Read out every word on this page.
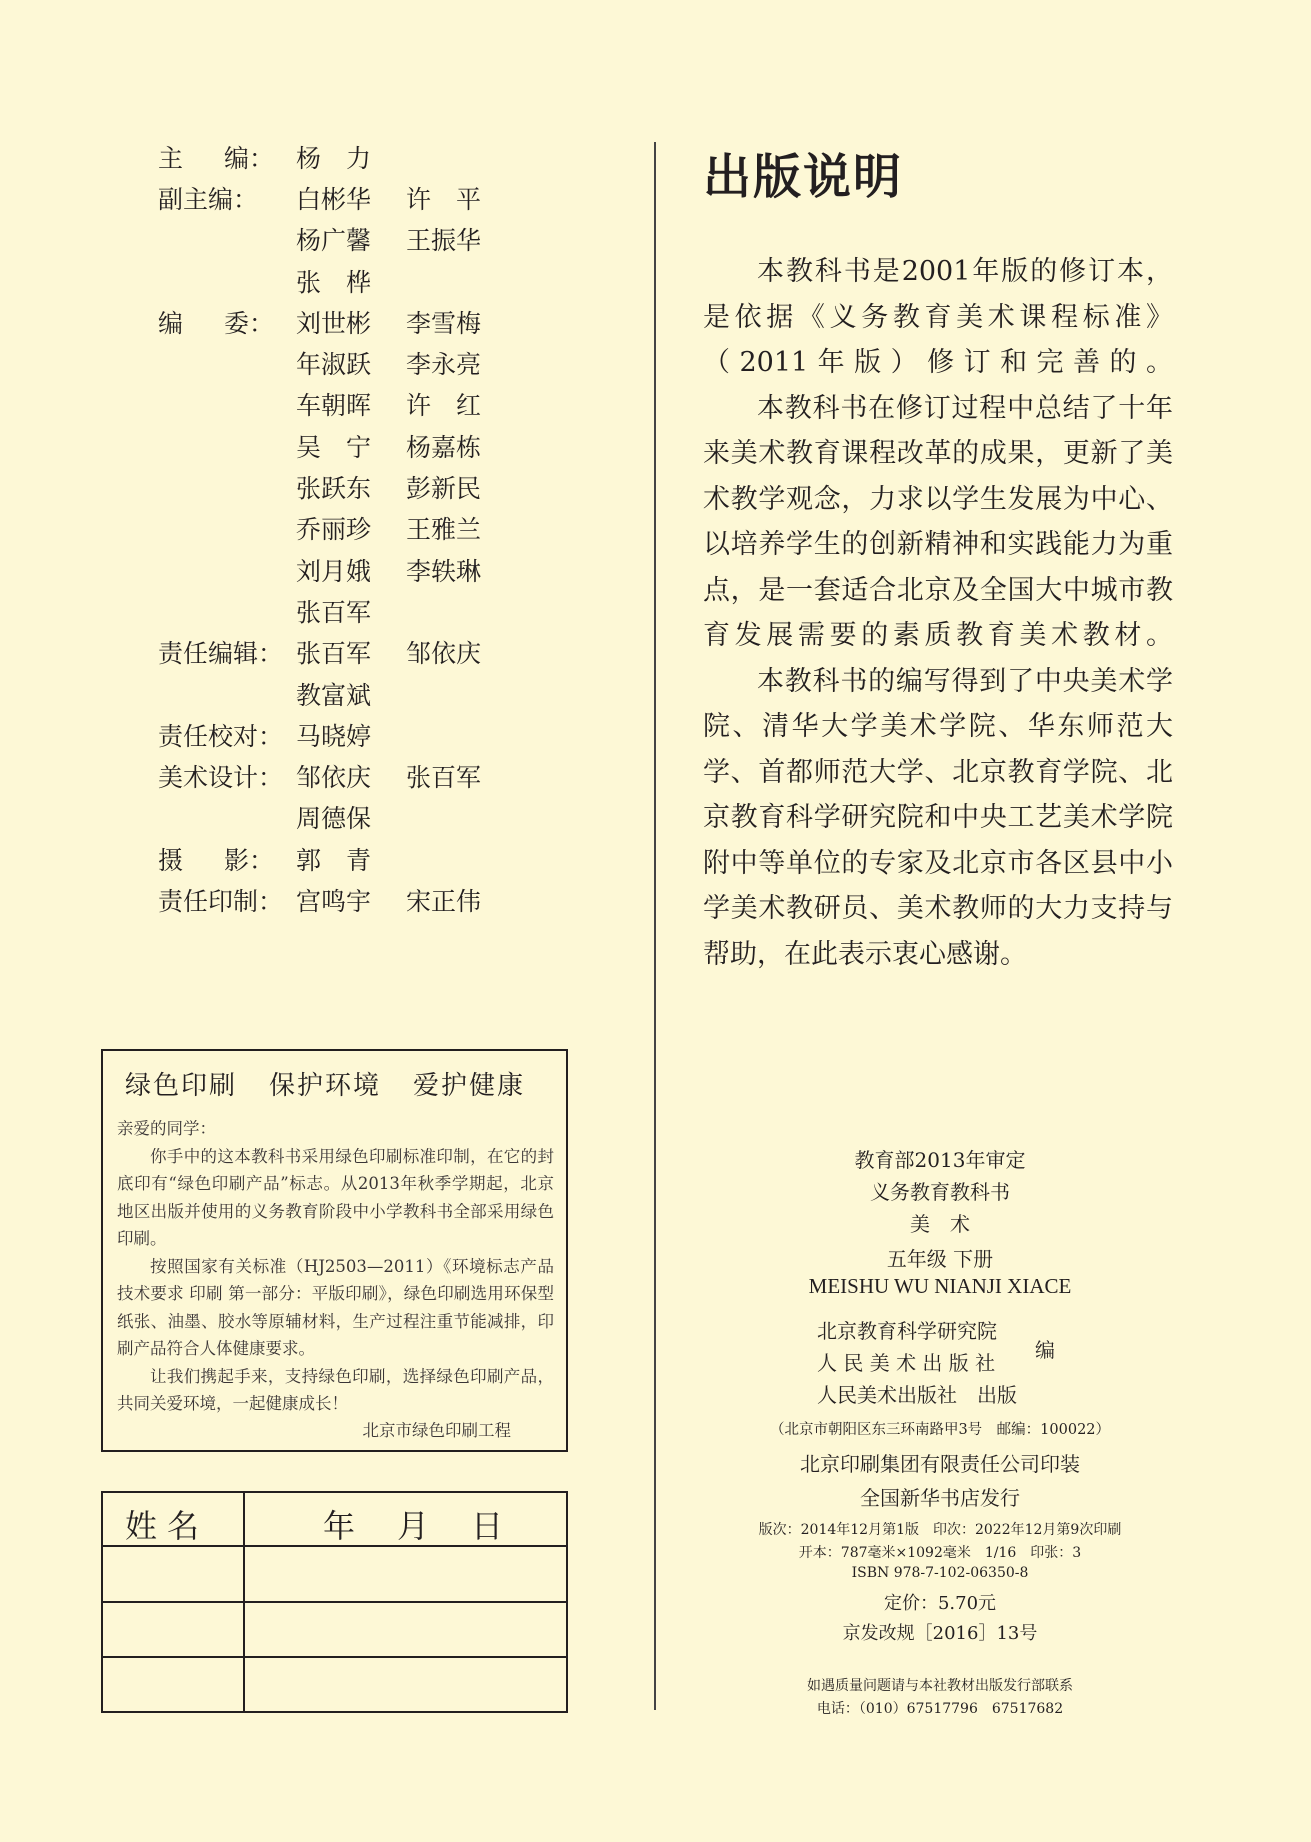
主 编： 杨　力
副主编： 白彬华	许　平
杨广馨	王振华
张　桦
编 委： 刘世彬	李雪梅
年淑跃	李永亮
车朝晖	许　红
吴　宁	杨嘉栋
张跃东	彭新民
乔丽珍	王雅兰
刘月娥	李轶琳
张百军
责任编辑： 张百军	邹依庆
教富斌
责任校对： 马晓婷
美术设计： 邹依庆	张百军
周德保
摄 影： 郭　青
责任印制： 宫鸣宇	宋正伟
出版说明

本教科书是2001年版的修订本，是依据《义务教育美术课程标准》（2011年版）修订和完善的。

本教科书在修订过程中总结了十年来美术教育课程改革的成果，更新了美术教学观念，力求以学生发展为中心、以培养学生的创新精神和实践能力为重点，是一套适合北京及全国大中城市教育发展需要的素质教育美术教材。

本教科书的编写得到了中央美术学院、清华大学美术学院、华东师范大学、首都师范大学、北京教育学院、北京教育科学研究院和中央工艺美术学院附中等单位的专家及北京市各区县中小学美术教研员、美术教师的大力支持与帮助，在此表示衷心感谢。

绿色印刷 保护环境 爱护健康

亲爱的同学：

你手中的这本教科书采用绿色印刷标准印制，在它的封底印有“绿色印刷产品”标志。从2013年秋季学期起，北京地区出版并使用的义务教育阶段中小学教科书全部采用绿色印刷。

按照国家有关标准（HJ2503—2011）《环境标志产品技术要求 印刷 第一部分：平版印刷》，绿色印刷选用环保型纸张、油墨、胶水等原辅材料，生产过程注重节能减排，印刷产品符合人体健康要求。

让我们携起手来，支持绿色印刷，选择绿色印刷产品，共同关爱环境，一起健康成长！

北京市绿色印刷工程
姓名	年 月 日
教育部2013年审定
义务教育教科书
美　术
五年级 下册
MEISHU WU NIANJI XIACE
北京教育科学研究院
人 民 美 术 出 版 社
人民美术出版社　出版
编
（北京市朝阳区东三环南路甲3号　邮编：100022）
北京印刷集团有限责任公司印装
全国新华书店发行
版次：2014年12月第1版　印次：2022年12月第9次印刷
开本：787毫米×1092毫米　1/16　印张：3
ISBN 978-7-102-06350-8
定价：5.70元
京发改规［2016］13号
如遇质量问题请与本社教材出版发行部联系
电话：（010）67517796　67517682
